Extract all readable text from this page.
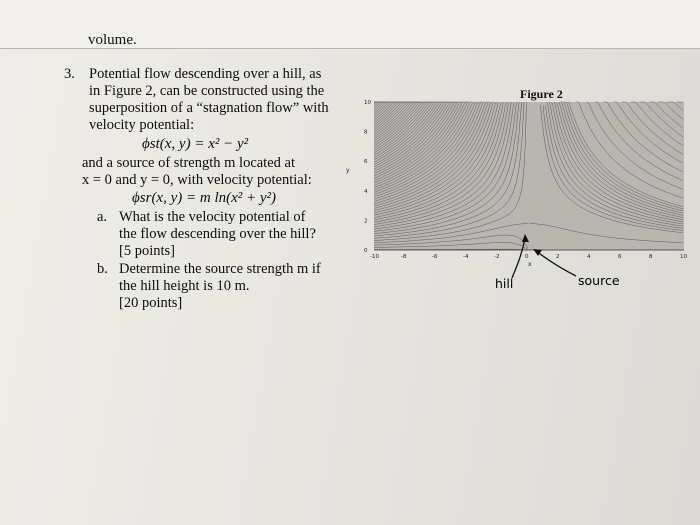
volume.
3. Potential flow descending over a hill, as
in Figure 2, can be constructed using the
superposition of a “stagnation flow” with
velocity potential:
ϕst(x, y) = x² − y²
and a source of strength m located at
x = 0 and y = 0, with velocity potential:
ϕsr(x, y) = m ln(x² + y²)
a. What is the velocity potential of
the flow descending over the hill?
[5 points]
b. Determine the source strength m if
the hill height is 10 m.
[20 points]
Figure 2
-10	-8	-6	-4	-2	0	2	4	6	8	10
10
8
6
4
2
0
y
x
hill	source
